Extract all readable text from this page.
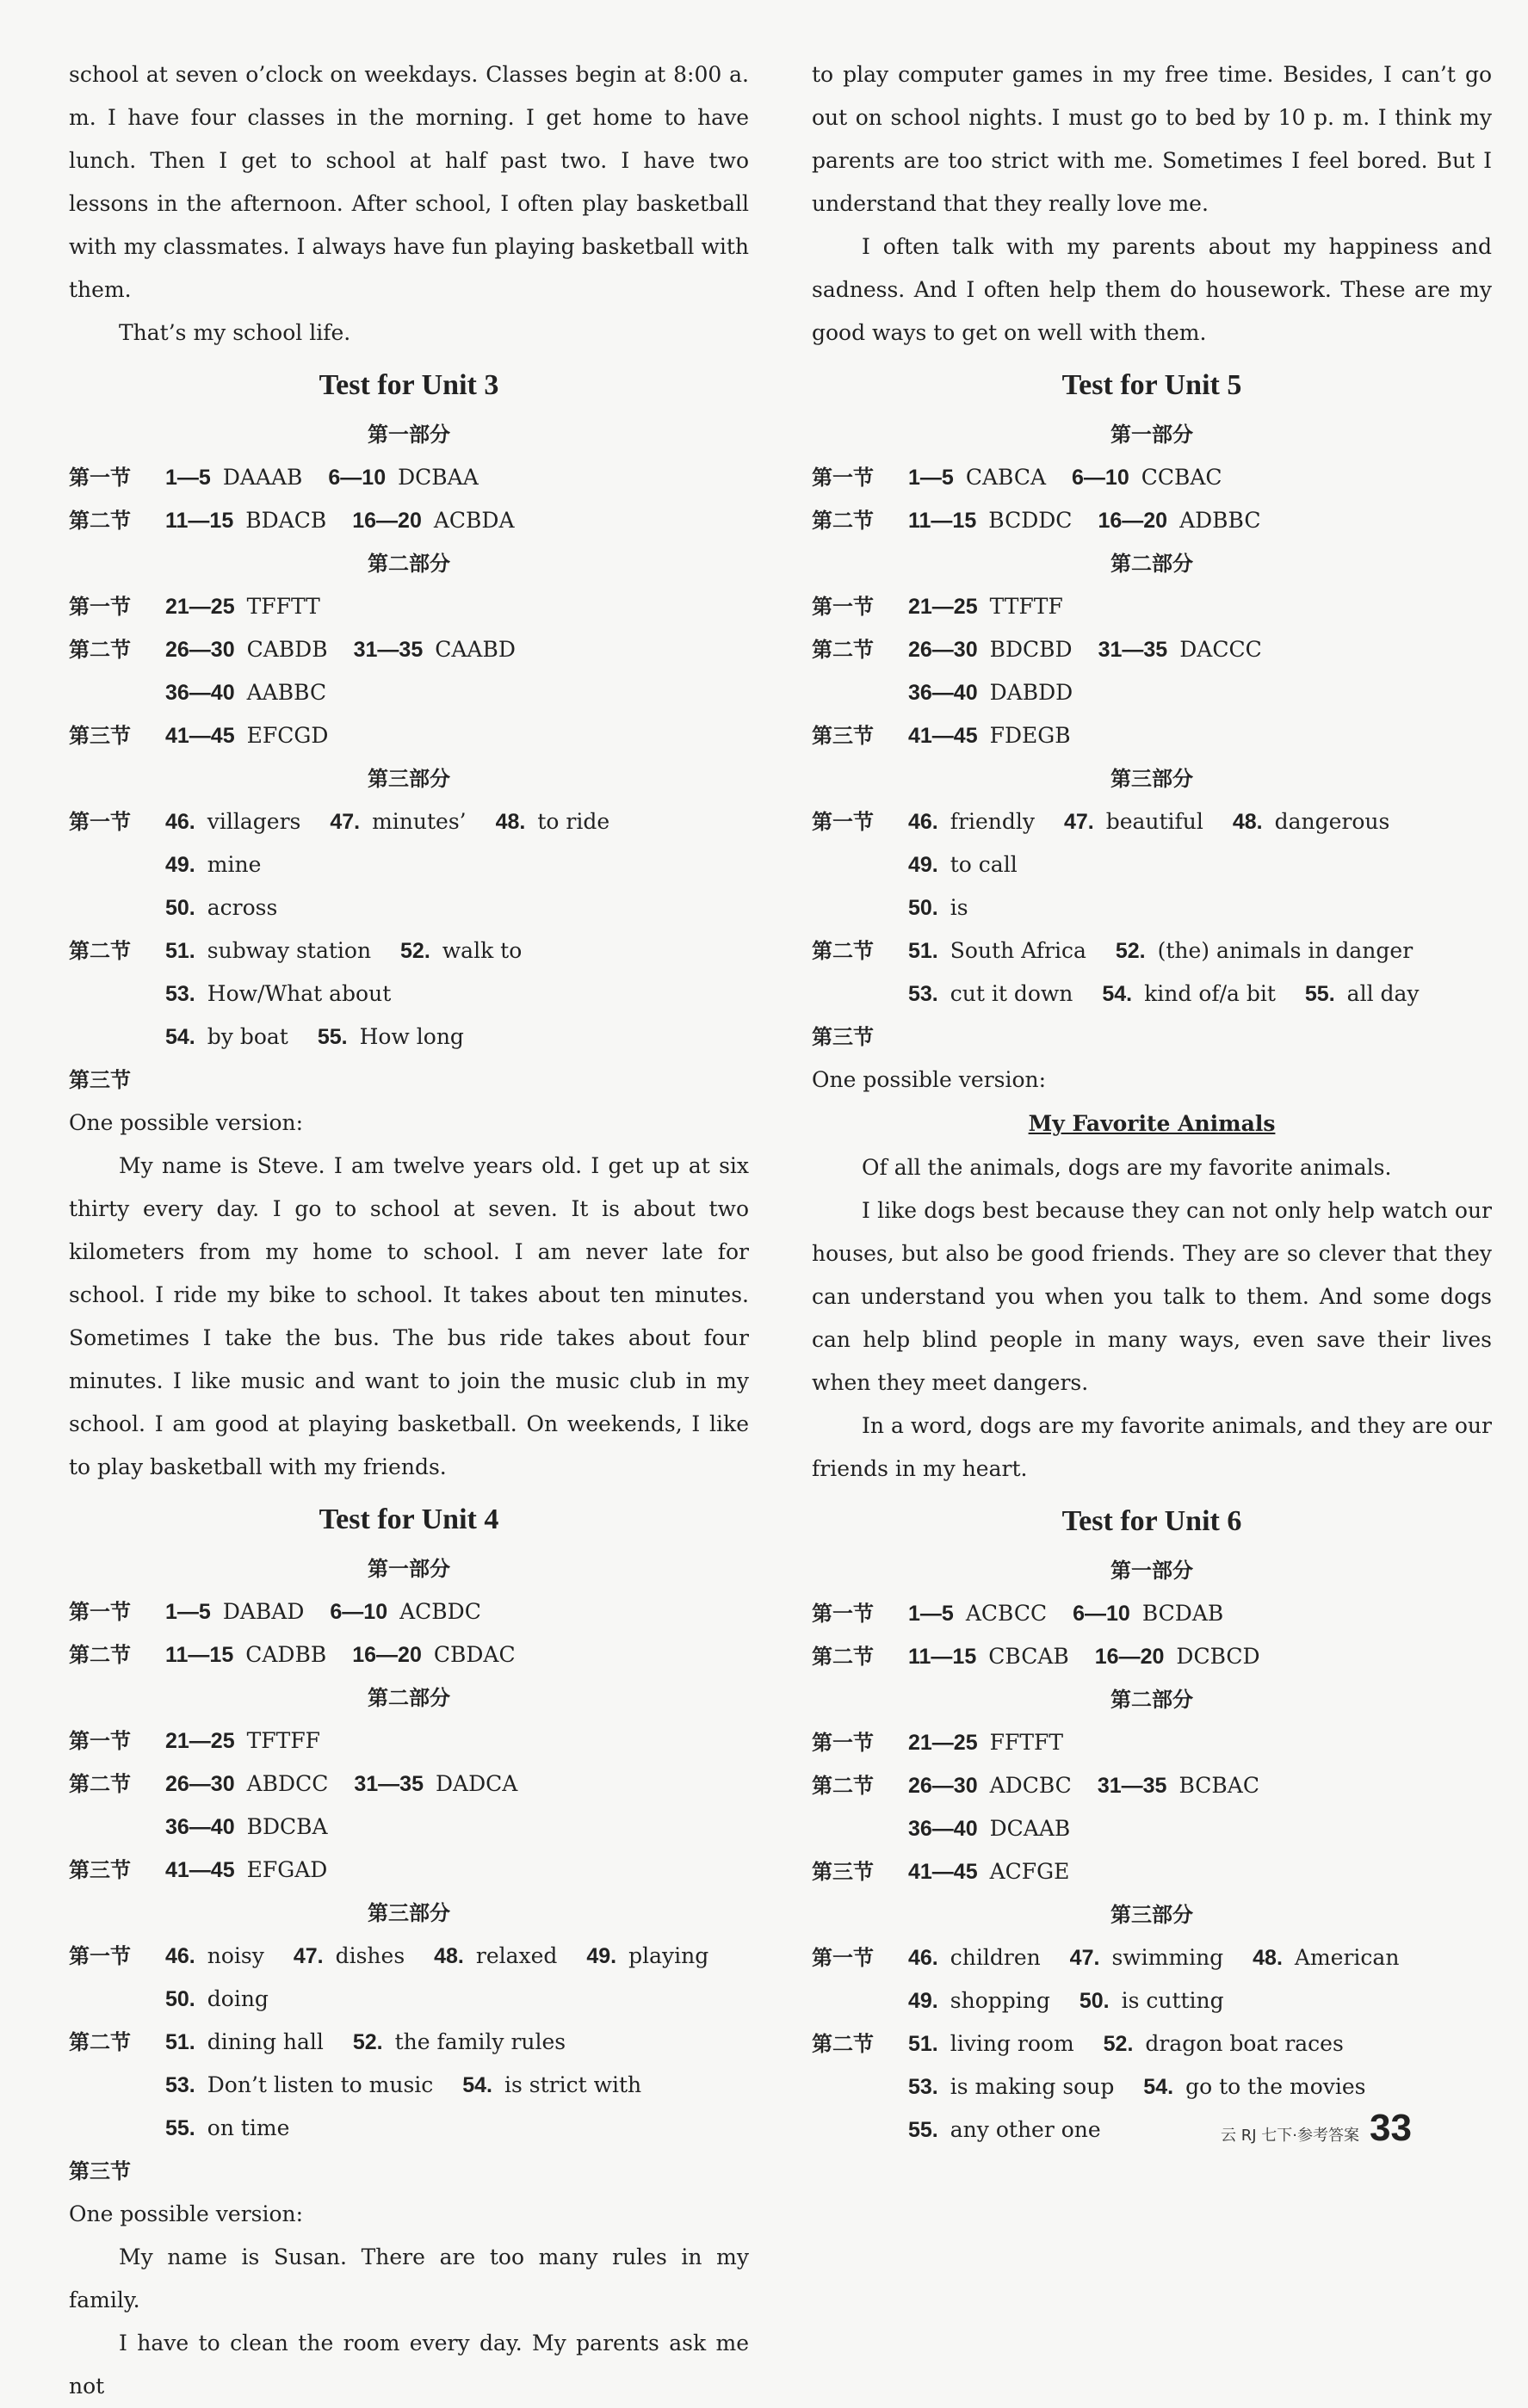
school at seven o’clock on weekdays. Classes begin at 8:00 a. m. I have four classes in the morning. I get home to have lunch. Then I get to school at half past two. I have two lessons in the afternoon. After school, I often play basketball with my classmates. I always have fun playing basketball with them.

That’s my school life.

Test for Unit 3
第一部分
第一节	1—5 DAAAB 6—10 DCBAA
第二节	11—15 BDACB 16—20 ACBDA
第二部分
第一节	21—25 TFFTT
第二节	26—30 CABDB 31—35 CAABD
36—40 AABBC
第三节	41—45 EFCGD
第三部分
第一节	46. villagers 47. minutes’ 48. to ride 49. mine
50. across
第二节	51. subway station 52. walk to 53. How/What about
54. by boat 55. How long
第三节

One possible version:

My name is Steve. I am twelve years old. I get up at six thirty every day. I go to school at seven. It is about two kilometers from my home to school. I am never late for school. I ride my bike to school. It takes about ten minutes. Sometimes I take the bus. The bus ride takes about four minutes. I like music and want to join the music club in my school. I am good at playing basketball. On weekends, I like to play basketball with my friends.

Test for Unit 4
第一部分
第一节	1—5 DABAD 6—10 ACBDC
第二节	11—15 CADBB 16—20 CBDAC
第二部分
第一节	21—25 TFTFF
第二节	26—30 ABDCC 31—35 DADCA
36—40 BDCBA
第三节	41—45 EFGAD
第三部分
第一节	46. noisy 47. dishes 48. relaxed 49. playing
50. doing
第二节	51. dining hall 52. the family rules
53. Don’t listen to music 54. is strict with 55. on time
第三节

One possible version:

My name is Susan. There are too many rules in my family.

I have to clean the room every day. My parents ask me not

to play computer games in my free time. Besides, I can’t go out on school nights. I must go to bed by 10 p. m. I think my parents are too strict with me. Sometimes I feel bored. But I understand that they really love me.

I often talk with my parents about my happiness and sadness. And I often help them do housework. These are my good ways to get on well with them.

Test for Unit 5
第一部分
第一节	1—5 CABCA 6—10 CCBAC
第二节	11—15 BCDDC 16—20 ADBBC
第二部分
第一节	21—25 TTFTF
第二节	26—30 BDCBD 31—35 DACCC
36—40 DABDD
第三节	41—45 FDEGB
第三部分
第一节	46. friendly 47. beautiful 48. dangerous 49. to call
50. is
第二节	51. South Africa 52. (the) animals in danger
53. cut it down 54. kind of/a bit 55. all day
第三节

One possible version:

My Favorite Animals

Of all the animals, dogs are my favorite animals.

I like dogs best because they can not only help watch our houses, but also be good friends. They are so clever that they can understand you when you talk to them. And some dogs can help blind people in many ways, even save their lives when they meet dangers.

In a word, dogs are my favorite animals, and they are our friends in my heart.

Test for Unit 6
第一部分
第一节	1—5 ACBCC 6—10 BCDAB
第二节	11—15 CBCAB 16—20 DCBCD
第二部分
第一节	21—25 FFTFT
第二节	26—30 ADCBC 31—35 BCBAC
36—40 DCAAB
第三节	41—45 ACFGE
第三部分
第一节	46. children 47. swimming 48. American
49. shopping 50. is cutting
第二节	51. living room 52. dragon boat races
53. is making soup 54. go to the movies 55. any other one	云 RJ 七下·参考答案 33
